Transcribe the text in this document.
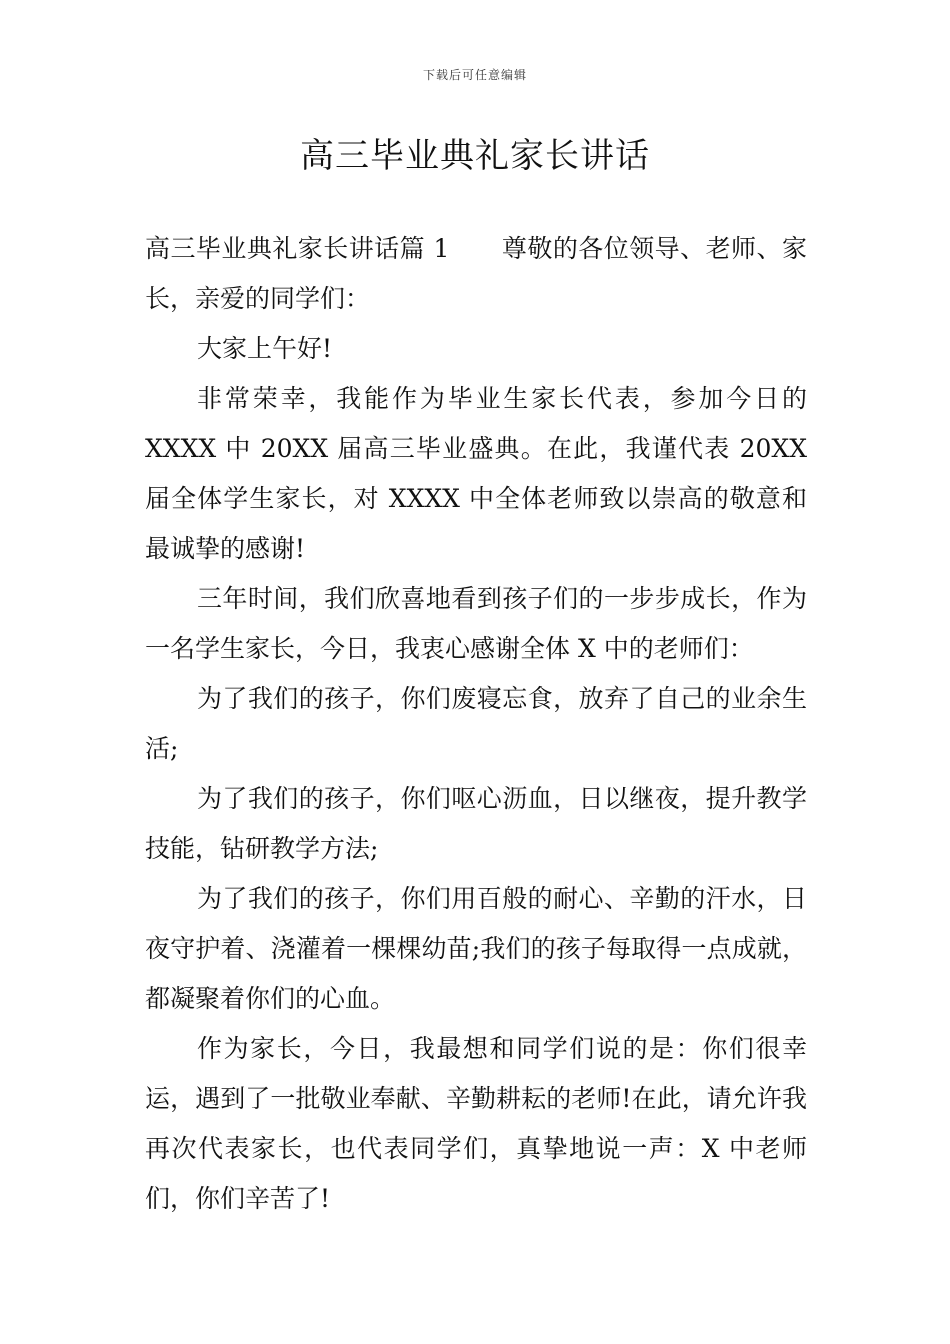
下载后可任意编辑
高三毕业典礼家长讲话

高三毕业典礼家长讲话篇 1 尊敬的各位领导、老师、家长，亲爱的同学们：

大家上午好!

非常荣幸，我能作为毕业生家长代表，参加今日的 XXXX 中 20XX 届高三毕业盛典。在此，我谨代表 20XX 届全体学生家长，对 XXXX 中全体老师致以崇高的敬意和最诚挚的感谢!

三年时间，我们欣喜地看到孩子们的一步步成长，作为一名学生家长，今日，我衷心感谢全体 X 中的老师们：

为了我们的孩子，你们废寝忘食，放弃了自己的业余生活;

为了我们的孩子，你们呕心沥血，日以继夜，提升教学技能，钻研教学方法;

为了我们的孩子，你们用百般的耐心、辛勤的汗水，日夜守护着、浇灌着一棵棵幼苗;我们的孩子每取得一点成就，都凝聚着你们的心血。

作为家长，今日，我最想和同学们说的是：你们很幸运，遇到了一批敬业奉献、辛勤耕耘的老师!在此，请允许我再次代表家长，也代表同学们，真挚地说一声：X 中老师们，你们辛苦了!
